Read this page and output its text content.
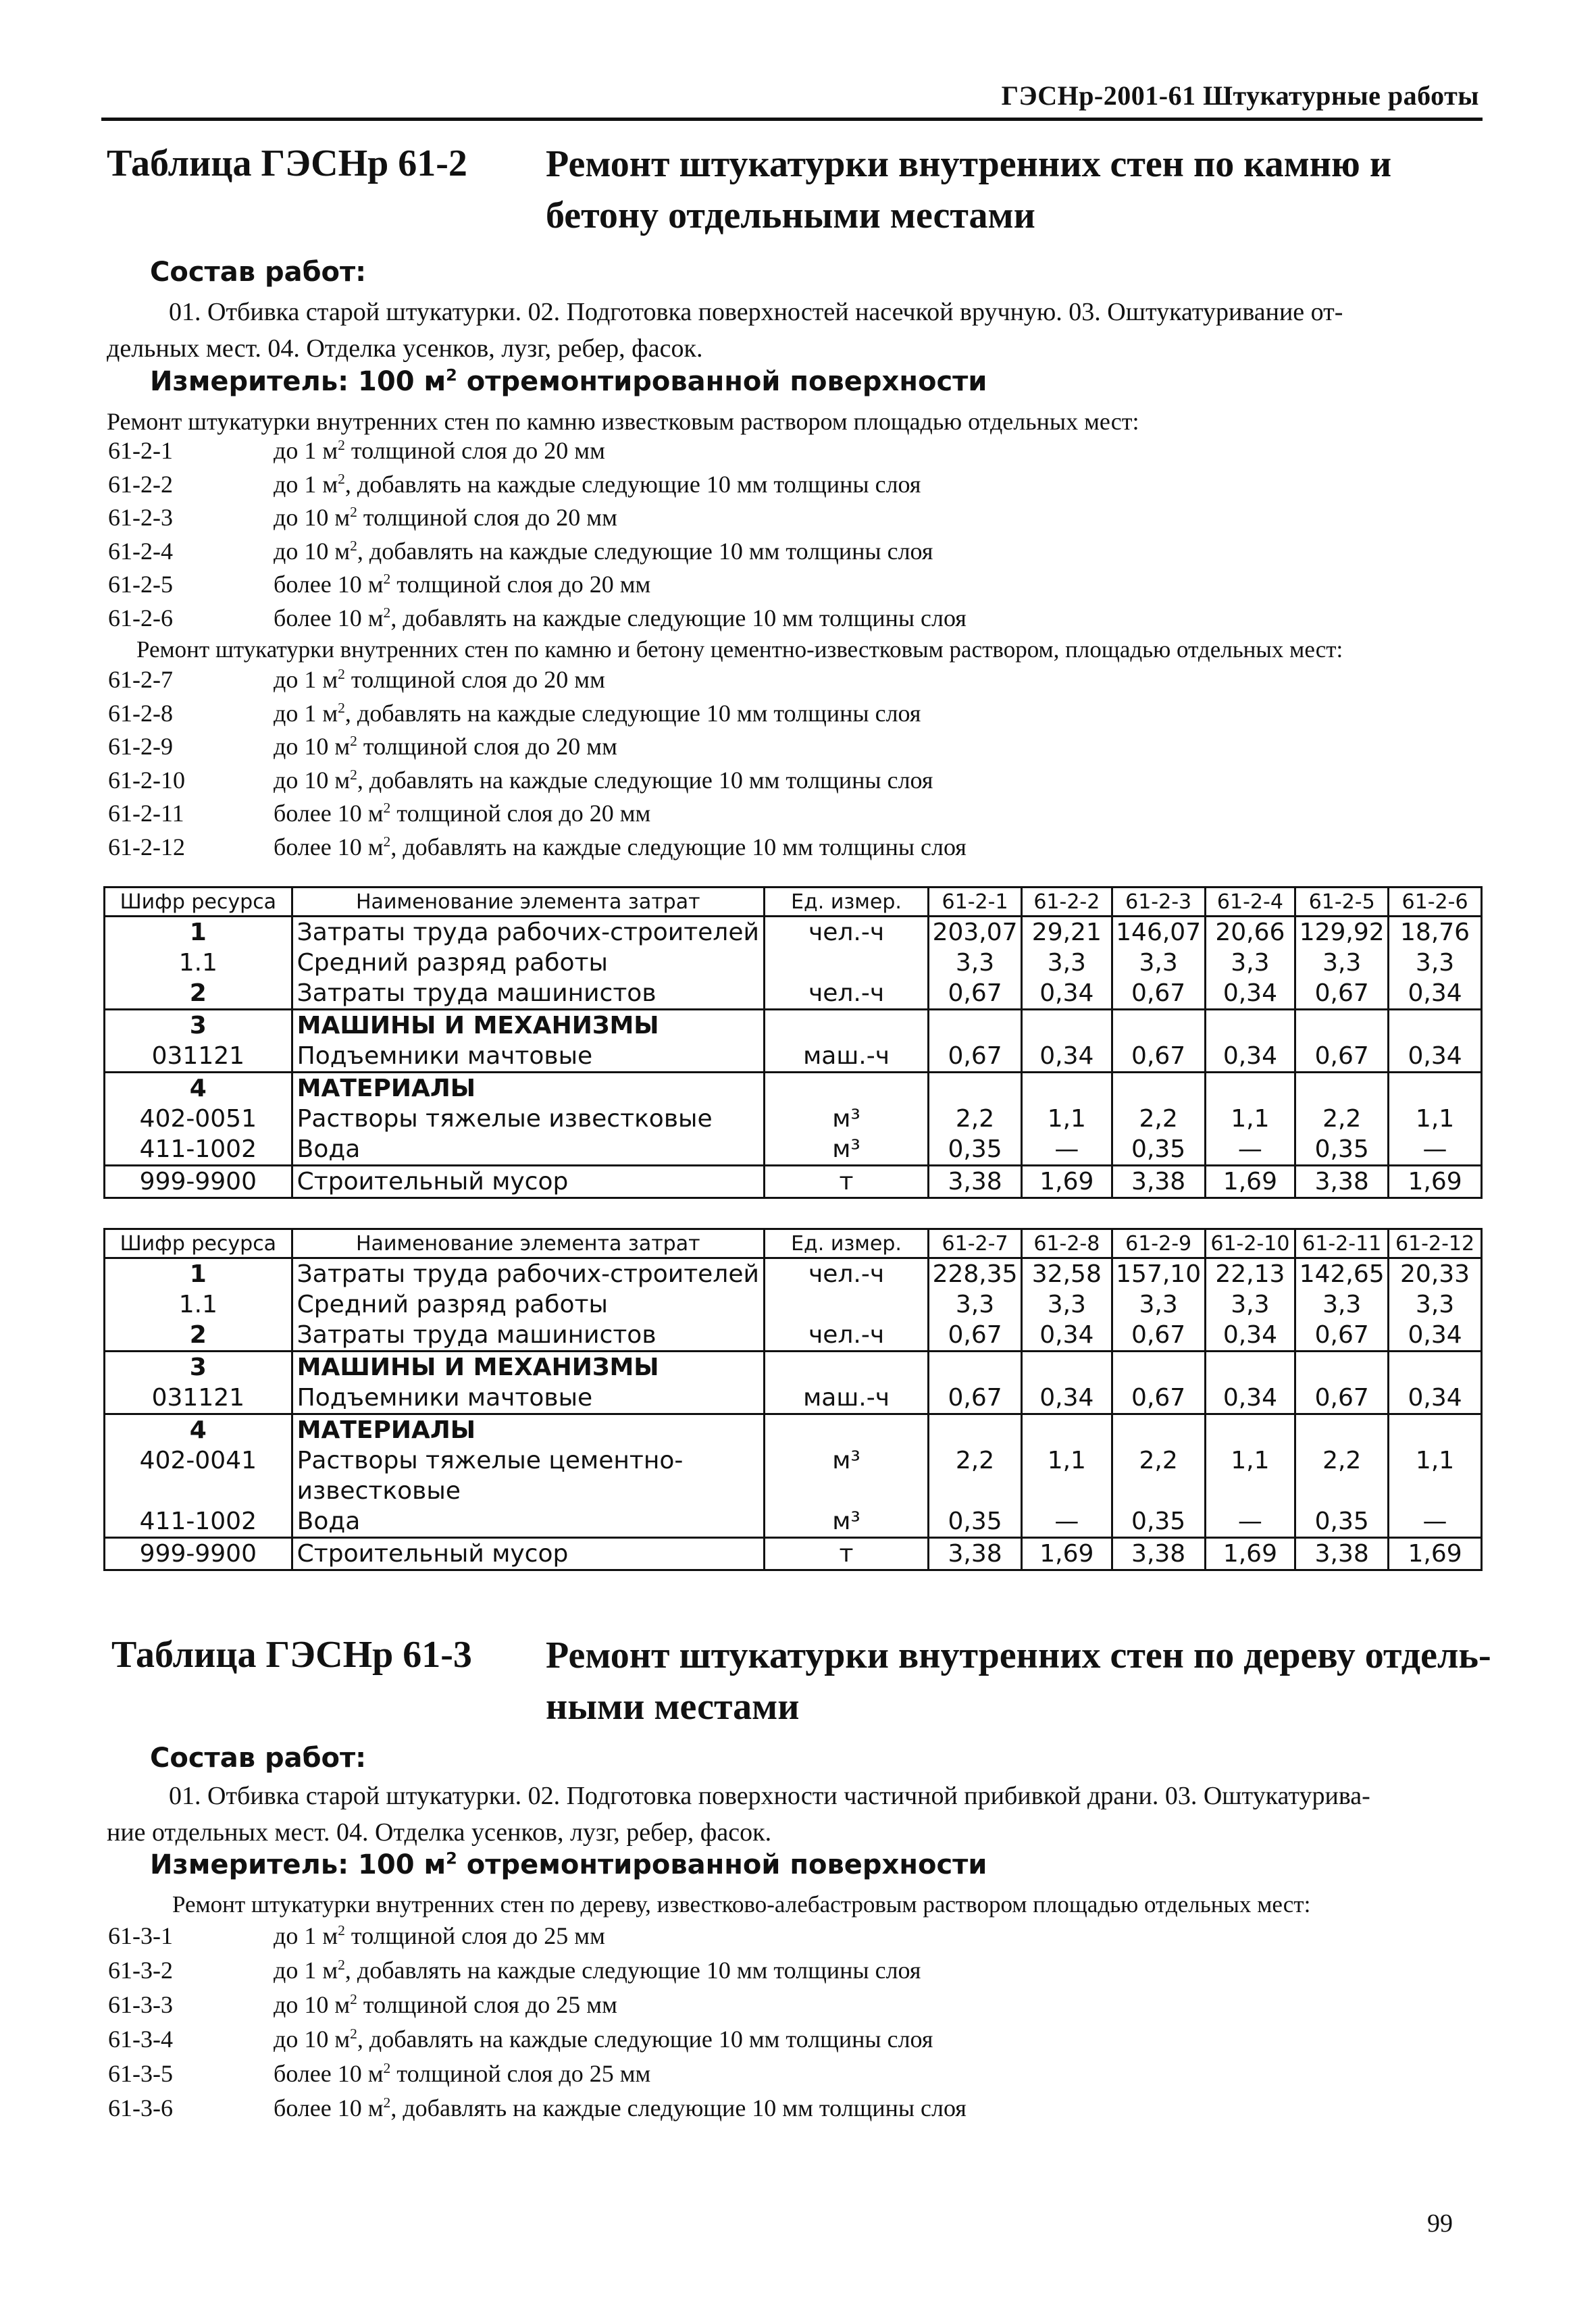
ГЭСНр-2001-61 Штукатурные работы
Таблица ГЭСНр 61-2 Ремонт штукатурки внутренних стен по камню и
бетону отдельными местами
Состав работ:
01. Отбивка старой штукатурки. 02. Подготовка поверхностей насечкой вручную. 03. Оштукатуривание от-
дельных мест. 04. Отделка усенков, лузг, ребер, фасок.
Измеритель: 100 $м^2$ отремонтированной поверхности
Ремонт штукатурки внутренних стен по камню известковым раствором площадью отдельных мест:
61-2-1	до 1 $м^2$ толщиной слоя до 20 мм
61-2-2	до 1 $м^2$, добавлять на каждые следующие 10 мм толщины слоя
61-2-3	до 10 $м^2$ толщиной слоя до 20 мм
61-2-4	до 10 $м^2$, добавлять на каждые следующие 10 мм толщины слоя
61-2-5	более 10 $м^2$ толщиной слоя до 20 мм
61-2-6	более 10 $м^2$, добавлять на каждые следующие 10 мм толщины слоя
Ремонт штукатурки внутренних стен по камню и бетону цементно-известковым раствором, площадью отдельных мест:
61-2-7	до 1 $м^2$ толщиной слоя до 20 мм
61-2-8	до 1 $м^2$, добавлять на каждые следующие 10 мм толщины слоя
61-2-9	до 10 $м^2$ толщиной слоя до 20 мм
61-2-10	до 10 $м^2$, добавлять на каждые следующие 10 мм толщины слоя
61-2-11	более 10 $м^2$ толщиной слоя до 20 мм
61-2-12	более 10 $м^2$, добавлять на каждые следующие 10 мм толщины слоя
Шифр ресурса	Наименование элемента затрат	Ед. измер.	61-2-1	61-2-2	61-2-3	61-2-4	61-2-5	61-2-6
1	Затраты труда рабочих-строителей	чел.-ч	203,07	29,21	146,07	20,66	129,92	18,76
1.1	Средний разряд работы		3,3	3,3	3,3	3,3	3,3	3,3
2	Затраты труда машинистов	чел.-ч	0,67	0,34	0,67	0,34	0,67	0,34
3	МАШИНЫ И МЕХАНИЗМЫ							
031121	Подъемники мачтовые	маш.-ч	0,67	0,34	0,67	0,34	0,67	0,34
4	МАТЕРИАЛЫ							
402-0051	Растворы тяжелые известковые	м³	2,2	1,1	2,2	1,1	2,2	1,1
411-1002	Вода	м³	0,35	—	0,35	—	0,35	—
999-9900	Строительный мусор	т	3,38	1,69	3,38	1,69	3,38	1,69
Шифр ресурса	Наименование элемента затрат	Ед. измер.	61-2-7	61-2-8	61-2-9	61-2-10	61-2-11	61-2-12
1	Затраты труда рабочих-строителей	чел.-ч	228,35	32,58	157,10	22,13	142,65	20,33
1.1	Средний разряд работы		3,3	3,3	3,3	3,3	3,3	3,3
2	Затраты труда машинистов	чел.-ч	0,67	0,34	0,67	0,34	0,67	0,34
3	МАШИНЫ И МЕХАНИЗМЫ							
031121	Подъемники мачтовые	маш.-ч	0,67	0,34	0,67	0,34	0,67	0,34
4	МАТЕРИАЛЫ							
402-0041	Растворы тяжелые цементно-известковые	м³	2,2	1,1	2,2	1,1	2,2	1,1
411-1002	Вода	м³	0,35	—	0,35	—	0,35	—
999-9900	Строительный мусор	т	3,38	1,69	3,38	1,69	3,38	1,69
Таблица ГЭСНр 61-3 Ремонт штукатурки внутренних стен по дереву отдель-
ными местами
Состав работ:
01. Отбивка старой штукатурки. 02. Подготовка поверхности частичной прибивкой драни. 03. Оштукатурива-
ние отдельных мест. 04. Отделка усенков, лузг, ребер, фасок.
Измеритель: 100 $м^2$ отремонтированной поверхности
Ремонт штукатурки внутренних стен по дереву, известково-алебастровым раствором площадью отдельных мест:
61-3-1	до 1 $м^2$ толщиной слоя до 25 мм
61-3-2	до 1 $м^2$, добавлять на каждые следующие 10 мм толщины слоя
61-3-3	до 10 $м^2$ толщиной слоя до 25 мм
61-3-4	до 10 $м^2$, добавлять на каждые следующие 10 мм толщины слоя
61-3-5	более 10 $м^2$ толщиной слоя до 25 мм
61-3-6	более 10 $м^2$, добавлять на каждые следующие 10 мм толщины слоя
99
